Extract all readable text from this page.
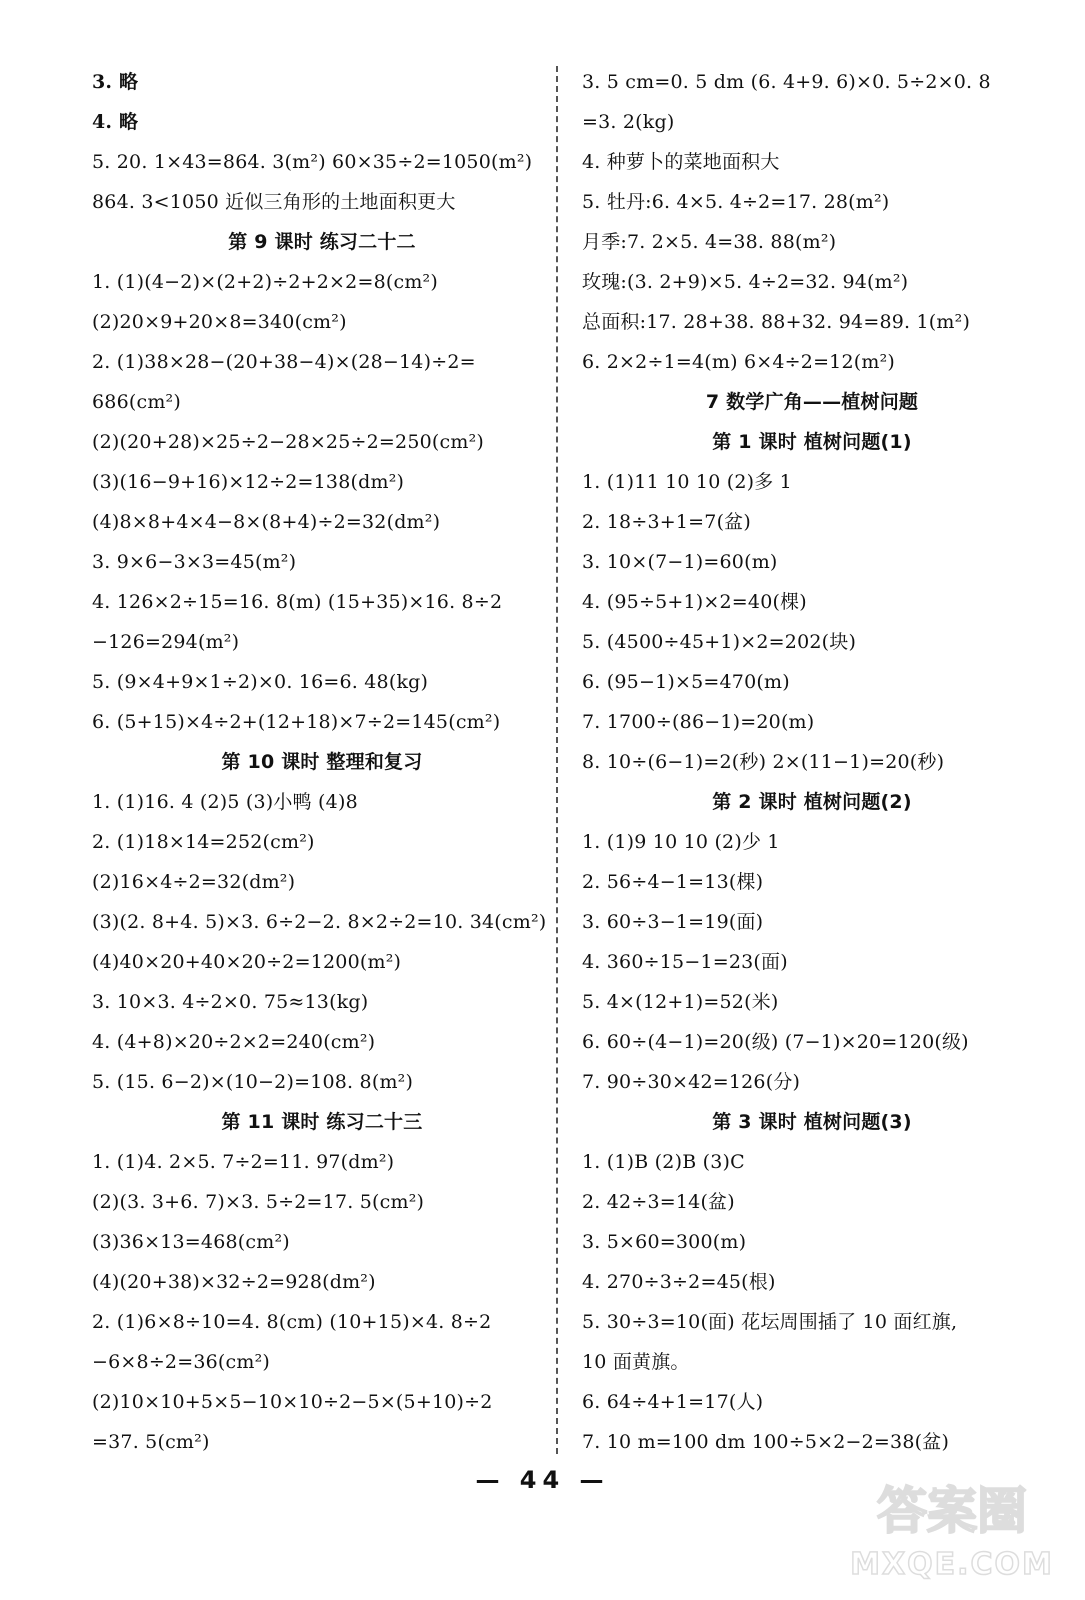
3. 略
4. 略
5. 20. 1×43=864. 3(m²) 60×35÷2=1050(m²)
864. 3<1050 近似三角形的土地面积更大
第 9 课时 练习二十二
1. (1)(4−2)×(2+2)÷2+2×2=8(cm²)
(2)20×9+20×8=340(cm²)
2. (1)38×28−(20+38−4)×(28−14)÷2=
686(cm²)
(2)(20+28)×25÷2−28×25÷2=250(cm²)
(3)(16−9+16)×12÷2=138(dm²)
(4)8×8+4×4−8×(8+4)÷2=32(dm²)
3. 9×6−3×3=45(m²)
4. 126×2÷15=16. 8(m) (15+35)×16. 8÷2
−126=294(m²)
5. (9×4+9×1÷2)×0. 16=6. 48(kg)
6. (5+15)×4÷2+(12+18)×7÷2=145(cm²)
第 10 课时 整理和复习
1. (1)16. 4 (2)5 (3)小鸭 (4)8
2. (1)18×14=252(cm²)
(2)16×4÷2=32(dm²)
(3)(2. 8+4. 5)×3. 6÷2−2. 8×2÷2=10. 34(cm²)
(4)40×20+40×20÷2=1200(m²)
3. 10×3. 4÷2×0. 75≈13(kg)
4. (4+8)×20÷2×2=240(cm²)
5. (15. 6−2)×(10−2)=108. 8(m²)
第 11 课时 练习二十三
1. (1)4. 2×5. 7÷2=11. 97(dm²)
(2)(3. 3+6. 7)×3. 5÷2=17. 5(cm²)
(3)36×13=468(cm²)
(4)(20+38)×32÷2=928(dm²)
2. (1)6×8÷10=4. 8(cm) (10+15)×4. 8÷2
−6×8÷2=36(cm²)
(2)10×10+5×5−10×10÷2−5×(5+10)÷2
=37. 5(cm²)
3. 5 cm=0. 5 dm (6. 4+9. 6)×0. 5÷2×0. 8
=3. 2(kg)
4. 种萝卜的菜地面积大
5. 牡丹:6. 4×5. 4÷2=17. 28(m²)
月季:7. 2×5. 4=38. 88(m²)
玫瑰:(3. 2+9)×5. 4÷2=32. 94(m²)
总面积:17. 28+38. 88+32. 94=89. 1(m²)
6. 2×2÷1=4(m) 6×4÷2=12(m²)
7 数学广角——植树问题
第 1 课时 植树问题(1)
1. (1)11 10 10 (2)多 1
2. 18÷3+1=7(盆)
3. 10×(7−1)=60(m)
4. (95÷5+1)×2=40(棵)
5. (4500÷45+1)×2=202(块)
6. (95−1)×5=470(m)
7. 1700÷(86−1)=20(m)
8. 10÷(6−1)=2(秒) 2×(11−1)=20(秒)
第 2 课时 植树问题(2)
1. (1)9 10 10 (2)少 1
2. 56÷4−1=13(棵)
3. 60÷3−1=19(面)
4. 360÷15−1=23(面)
5. 4×(12+1)=52(米)
6. 60÷(4−1)=20(级) (7−1)×20=120(级)
7. 90÷30×42=126(分)
第 3 课时 植树问题(3)
1. (1)B (2)B (3)C
2. 42÷3=14(盆)
3. 5×60=300(m)
4. 270÷3÷2=45(根)
5. 30÷3=10(面) 花坛周围插了 10 面红旗,
10 面黄旗。
6. 64÷4+1=17(人)
7. 10 m=100 dm 100÷5×2−2=38(盆)
— 44 —
答案圈
MXQE.COM
